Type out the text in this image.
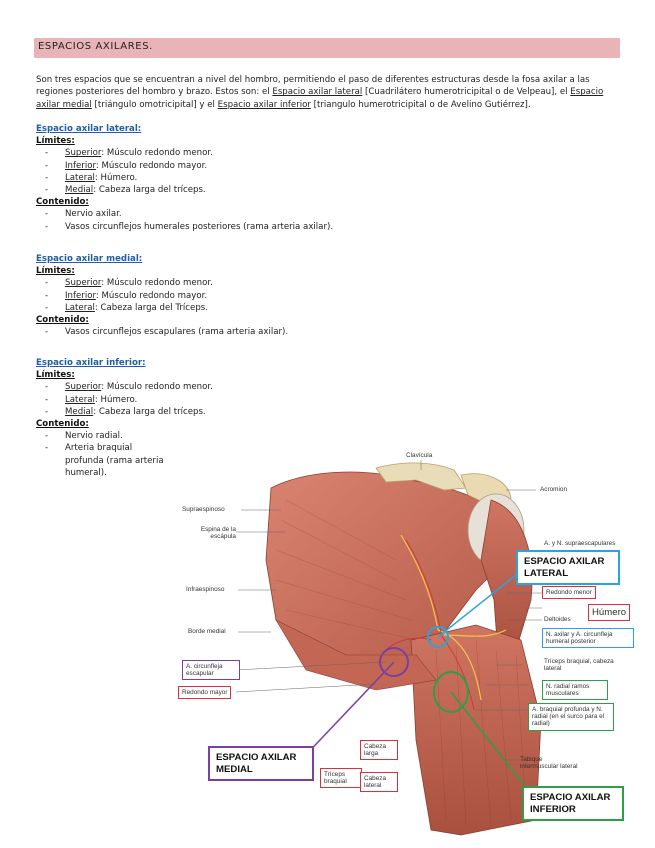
ESPACIOS AXILARES.
Son tres espacios que se encuentran a nivel del hombro, permitiendo el paso de diferentes estructuras desde la fosa axilar a las regiones posteriores del hombro y brazo. Estos son: el Espacio axilar lateral [Cuadrilátero humerotricipital o de Velpeau], el Espacio axilar medial [triángulo omotricipital] y el Espacio axilar inferior [triangulo humerotricipital o de Avelino Gutiérrez].
Espacio axilar lateral:
Límites:
- Superior: Músculo redondo menor.
- Inferior: Músculo redondo mayor.
- Lateral: Húmero.
- Medial: Cabeza larga del tríceps.
Contenido:
- Nervio axilar.
- Vasos circunflejos humerales posteriores (rama arteria axilar).
Espacio axilar medial:
Límites:
- Superior: Músculo redondo menor.
- Inferior: Músculo redondo mayor.
- Lateral: Cabeza larga del Tríceps.
Contenido:
- Vasos circunflejos escapulares (rama arteria axilar).
Espacio axilar inferior:
Límites:
- Superior: Músculo redondo menor.
- Lateral: Húmero.
- Medial: Cabeza larga del tríceps.
Contenido:
- Nervio radial.
- Arteria braquial profunda (rama arteria humeral).
Clavícula
Acromion
Supraespinoso
Espina de la escápula
Infraespinoso
Borde medial
A. y N. supraescapulares
Deltoides
Tríceps braquial, cabeza lateral
Tabique intermuscular lateral
ESPACIO AXILAR LATERAL
Redondo menor
Húmero
N. axilar y A. circunfleja humeral posterior
A. circunfleja escapular
Redondo mayor
N. radial ramos musculares
A. braquial profunda y N. radial (en el surco para el radial)
ESPACIO AXILAR MEDIAL	Tríceps braquial
Cabeza larga
Cabeza lateral
ESPACIO AXILAR INFERIOR
